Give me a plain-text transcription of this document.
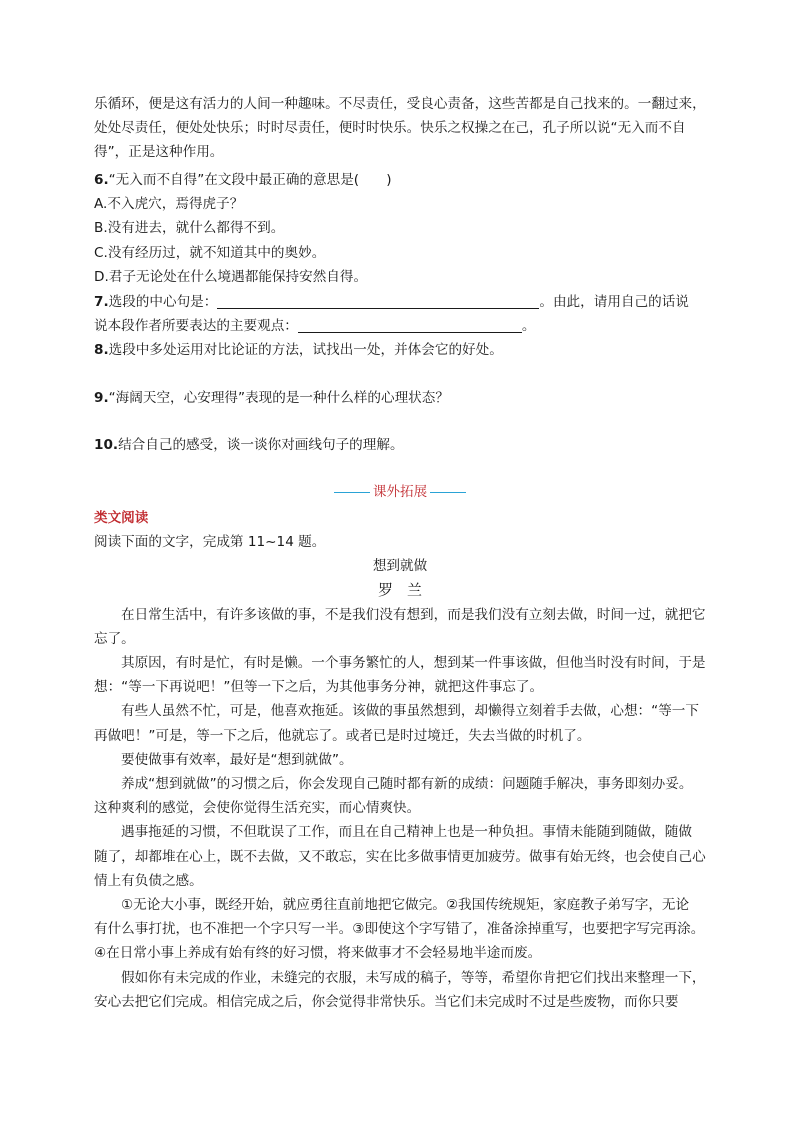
乐循环，便是这有活力的人间一种趣味。不尽责任，受良心责备，这些苦都是自己找来的。一翻过来，

处处尽责任，便处处快乐；时时尽责任，便时时快乐。快乐之权操之在己，孔子所以说“无入而不自

得”，正是这种作用。

6.“无入而不自得”在文段中最正确的意思是(　　)

A.不入虎穴，焉得虎子？

B.没有进去，就什么都得不到。

C.没有经历过，就不知道其中的奥妙。

D.君子无论处在什么境遇都能保持安然自得。

7.选段的中心句是：	。由此，请用自己的话说

说本段作者所要表达的主要观点：	。

8.选段中多处运用对比论证的方法，试找出一处，并体会它的好处。

9.“海阔天空，心安理得”表现的是一种什么样的心理状态？

10.结合自己的感受，谈一谈你对画线句子的理解。

课外拓展
类文阅读

阅读下面的文字，完成第 11~14 题。

想到就做

罗兰

在日常生活中，有许多该做的事，不是我们没有想到，而是我们没有立刻去做，时间一过，就把它

忘了。

其原因，有时是忙，有时是懒。一个事务繁忙的人，想到某一件事该做，但他当时没有时间，于是

想：“等一下再说吧！”但等一下之后，为其他事务分神，就把这件事忘了。

有些人虽然不忙，可是，他喜欢拖延。该做的事虽然想到，却懒得立刻着手去做，心想：“等一下

再做吧！”可是，等一下之后，他就忘了。或者已是时过境迁，失去当做的时机了。

要使做事有效率，最好是“想到就做”。

养成“想到就做”的习惯之后，你会发现自己随时都有新的成绩：问题随手解决，事务即刻办妥。

这种爽利的感觉，会使你觉得生活充实，而心情爽快。

遇事拖延的习惯，不但耽误了工作，而且在自己精神上也是一种负担。事情未能随到随做，随做

随了，却都堆在心上，既不去做，又不敢忘，实在比多做事情更加疲劳。做事有始无终，也会使自己心

情上有负债之感。

①无论大小事，既经开始，就应勇往直前地把它做完。②我国传统规矩，家庭教子弟写字，无论

有什么事打扰，也不准把一个字只写一半。③即使这个字写错了，准备涂掉重写，也要把字写完再涂。

④在日常小事上养成有始有终的好习惯，将来做事才不会轻易地半途而废。

假如你有未完成的作业，未缝完的衣服，未写成的稿子，等等，希望你肯把它们找出来整理一下，

安心去把它们完成。相信完成之后，你会觉得非常快乐。当它们未完成时不过是些废物，而你只要
